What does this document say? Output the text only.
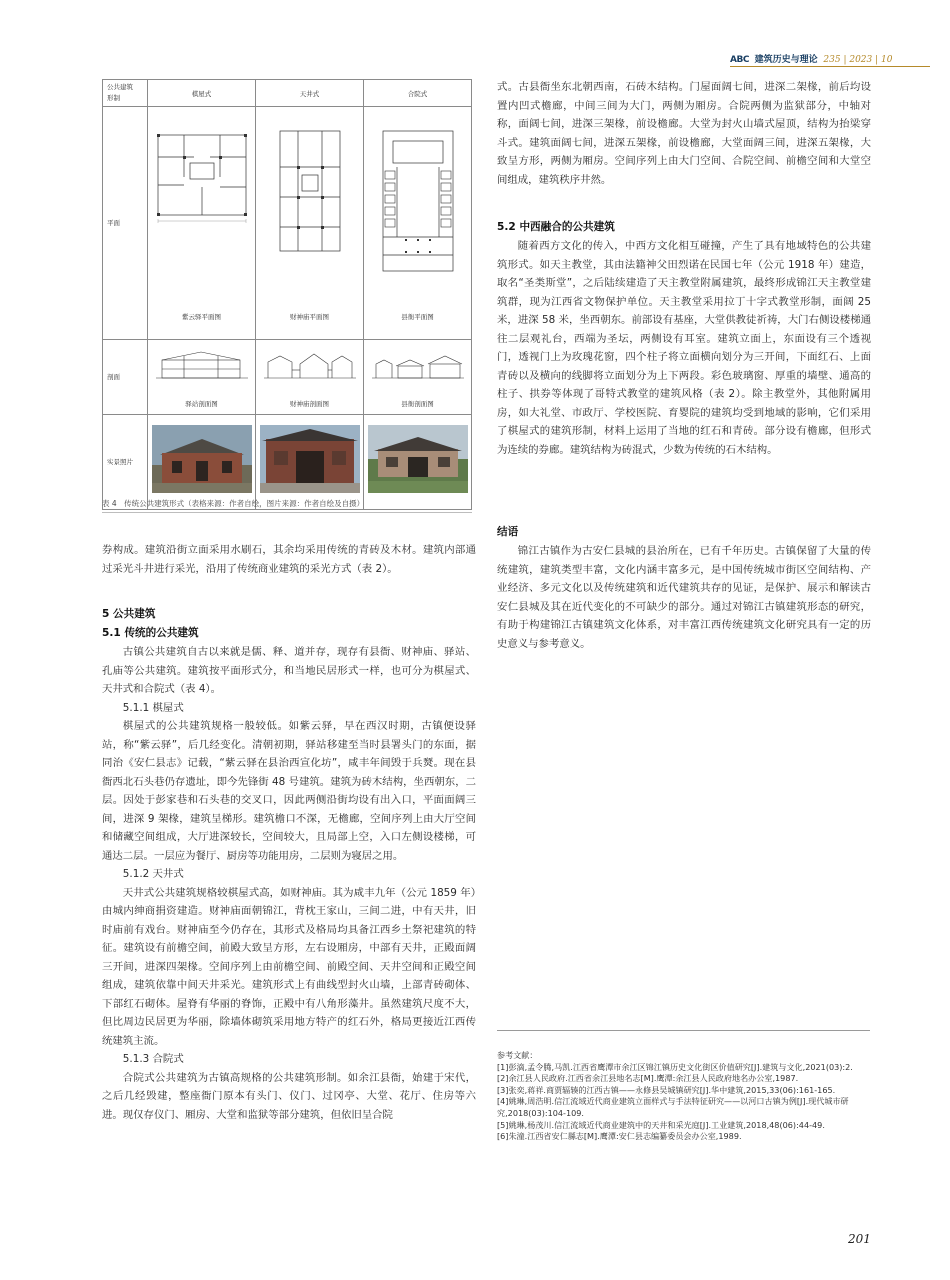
ABC 建筑历史与理论 235 | 2023 | 10
公共建筑
形制	棋屋式	天井式	合院式
平面	紫云驿平面图	财神庙平面图	县衙平面图

剖面	驿站剖面图	财神庙剖面图	县衙剖面图

实景照片	

表 4　传统公共建筑形式（表格来源：作者自绘，图片来源：作者自绘及自摄）

券构成。建筑沿街立面采用水刷石，其余均采用传统的青砖及木材。建筑内部通过采光斗井进行采光，沿用了传统商业建筑的采光方式（表 2）。

5 公共建筑
5.1 传统的公共建筑

古镇公共建筑自古以来就是儒、释、道并存，现存有县衙、财神庙、驿站、孔庙等公共建筑。建筑按平面形式分，和当地民居形式一样，也可分为棋屋式、天井式和合院式（表 4）。

5.1.1 棋屋式

棋屋式的公共建筑规格一般较低。如紫云驿，早在西汉时期，古镇便设驿站，称“紫云驿”，后几经变化。清朝初期，驿站移建至当时县署头门的东面，据同治《安仁县志》记载，“紫云驿在县治西宣化坊”，咸丰年间毁于兵燹。现在县衙西北石头巷仍存遗址，即今先锋街 48 号建筑。建筑为砖木结构，坐西朝东，二层。因处于彭家巷和石头巷的交叉口，因此两侧沿街均设有出入口，平面面阔三间，进深 9 架椽，建筑呈梯形。建筑檐口不深，无檐廊，空间序列上由大厅空间和储藏空间组成，大厅进深较长，空间较大，且局部上空，入口左侧设楼梯，可通达二层。一层应为餐厅、厨房等功能用房，二层则为寝居之用。

5.1.2 天井式

天井式公共建筑规格较棋屋式高，如财神庙。其为咸丰九年（公元 1859 年）由城内绅商捐资建造。财神庙面朝锦江，背枕王家山，三间二进，中有天井，旧时庙前有戏台。财神庙至今仍存在，其形式及格局均具备江西乡土祭祀建筑的特征。建筑设有前檐空间，前殿大致呈方形，左右设厢房，中部有天井，正殿面阔三开间，进深四架椽。空间序列上由前檐空间、前殿空间、天井空间和正殿空间组成，建筑依靠中间天井采光。建筑形式上有曲线型封火山墙，上部青砖砌体、下部红石砌体。屋脊有华丽的脊饰，正殿中有八角形藻井。虽然建筑尺度不大，但比周边民居更为华丽，除墙体砌筑采用地方特产的红石外，格局更接近江西传统建筑主流。

5.1.3 合院式

合院式公共建筑为古镇高规格的公共建筑形制。如余江县衙，始建于宋代，之后几经毁建，整座衙门原本有头门、仪门、过冈亭、大堂、花厅、住房等六进。现仅存仪门、厢房、大堂和监狱等部分建筑，但依旧呈合院

式。古县衙坐东北朝西南，石砖木结构。门屋面阔七间，进深二架椽，前后均设置内凹式檐廊，中间三间为大门，两侧为厢房。合院两侧为监狱部分，中轴对称，面阔七间，进深三架椽，前设檐廊。大堂为封火山墙式屋顶，结构为抬梁穿斗式。建筑面阔七间，进深五架椽，前设檐廊，大堂面阔三间，进深五架椽，大致呈方形，两侧为厢房。空间序列上由大门空间、合院空间、前檐空间和大堂空间组成，建筑秩序井然。

5.2 中西融合的公共建筑

随着西方文化的传入，中西方文化相互碰撞，产生了具有地域特色的公共建筑形式。如天主教堂，其由法籍神父田烈诺在民国七年（公元 1918 年）建造，取名“圣类斯堂”，之后陆续建造了天主教堂附属建筑，最终形成锦江天主教堂建筑群，现为江西省文物保护单位。天主教堂采用拉丁十字式教堂形制，面阔 25 米，进深 58 米，坐西朝东。前部设有基座，大堂供教徒祈祷，大门右侧设楼梯通往二层观礼台，西端为圣坛，两侧设有耳室。建筑立面上，东面设有三个透视门，透视门上为玫瑰花窗，四个柱子将立面横向划分为三开间，下面红石、上面青砖以及横向的线脚将立面划分为上下两段。彩色玻璃窗、厚重的墙壁、通高的柱子、拱券等体现了哥特式教堂的建筑风格（表 2）。除主教堂外，其他附属用房，如大礼堂、市政厅、学校医院、育婴院的建筑均受到地域的影响，它们采用了棋屋式的建筑形制，材料上运用了当地的红石和青砖。部分设有檐廊，但形式为连续的券廊。建筑结构为砖混式，少数为传统的石木结构。

结语

锦江古镇作为古安仁县城的县治所在，已有千年历史。古镇保留了大量的传统建筑，建筑类型丰富，文化内涵丰富多元，是中国传统城市街区空间结构、产业经济、多元文化以及传统建筑和近代建筑共存的见证，是保护、展示和解读古安仁县城及其在近代变化的不可缺少的部分。通过对锦江古镇建筑形态的研究，有助于构建锦江古镇建筑文化体系，对丰富江西传统建筑文化研究具有一定的历史意义与参考意义。

参考文献：
[1]彭滴,孟令腾,马凯.江西省鹰潭市余江区锦江镇历史文化街区价值研究[J].建筑与文化,2021(03):2.
[2]余江县人民政府.江西省余江县地名志[M].鹰潭:余江县人民政府地名办公室,1987.
[3]张奕,蒋祥.商贾辐辏的江西古镇——永修县吴城镇研究[J].华中建筑,2015,33(06):161-165.
[4]姚琳,周浩明.信江流域近代商业建筑立面样式与手法特征研究——以河口古镇为例[J].现代城市研究,2018(03):104-109.
[5]姚琳,杨茂川.信江流域近代商业建筑中的天井和采光庭[J].工业建筑,2018,48(06):44-49.
[6]朱潼.江西省安仁縣志[M].鹰潭:安仁县志编纂委员会办公室,1989.
201
